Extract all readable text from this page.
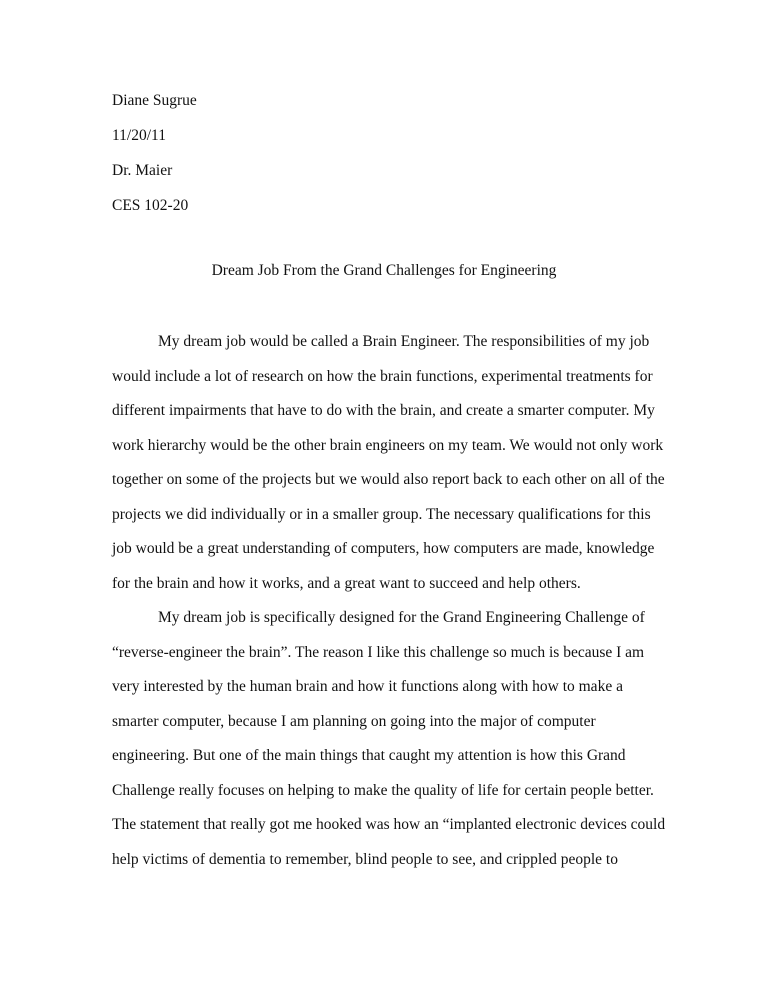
Diane Sugrue
11/20/11
Dr. Maier
CES 102-20
Dream Job From the Grand Challenges for Engineering
My dream job would be called a Brain Engineer. The responsibilities of my job
would include a lot of research on how the brain functions, experimental treatments for
different impairments that have to do with the brain, and create a smarter computer. My
work hierarchy would be the other brain engineers on my team. We would not only work
together on some of the projects but we would also report back to each other on all of the
projects we did individually or in a smaller group. The necessary qualifications for this
job would be a great understanding of computers, how computers are made, knowledge
for the brain and how it works, and a great want to succeed and help others.
My dream job is specifically designed for the Grand Engineering Challenge of
“reverse-engineer the brain”. The reason I like this challenge so much is because I am
very interested by the human brain and how it functions along with how to make a
smarter computer, because I am planning on going into the major of computer
engineering. But one of the main things that caught my attention is how this Grand
Challenge really focuses on helping to make the quality of life for certain people better.
The statement that really got me hooked was how an “implanted electronic devices could
help victims of dementia to remember, blind people to see, and crippled people to
